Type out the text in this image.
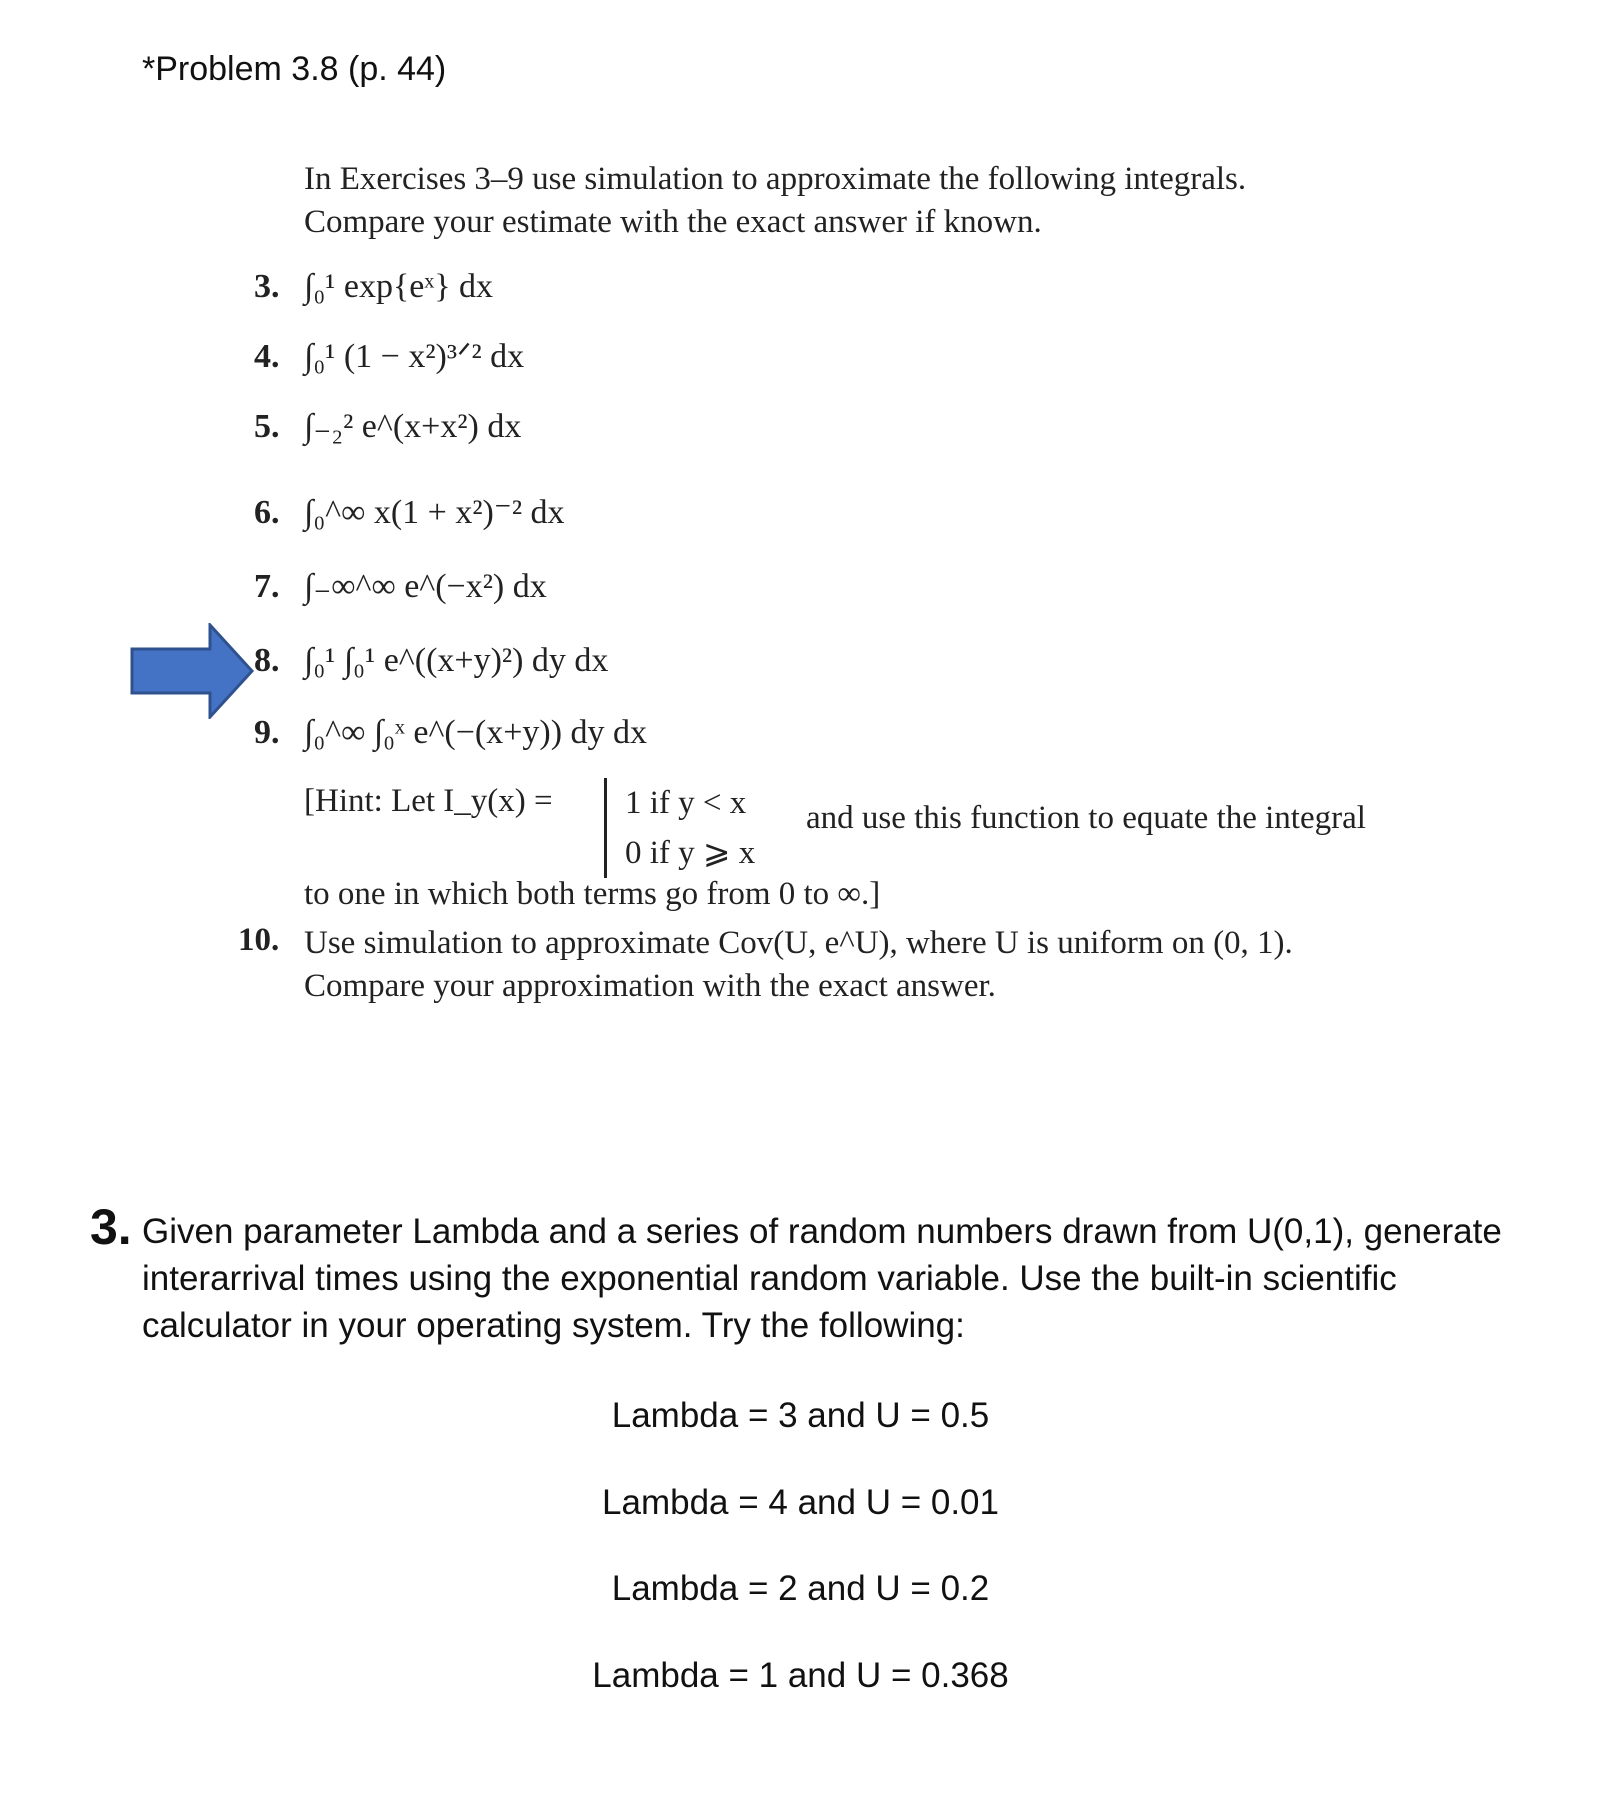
*Problem 3.8 (p. 44)
In Exercises 3–9 use simulation to approximate the following integrals.
Compare your estimate with the exact answer if known.
3. ∫₀¹ exp{eˣ} dx
4. ∫₀¹ (1 − x²)³ᐟ² dx
5. ∫₋₂² e^(x+x²) dx
6. ∫₀^∞ x(1 + x²)⁻² dx
7. ∫₋∞^∞ e^(−x²) dx
8. ∫₀¹ ∫₀¹ e^((x+y)²) dy dx
9. ∫₀^∞ ∫₀ˣ e^(−(x+y)) dy dx
[Hint: Let I_y(x) = 1 if y < x
0 if y ⩾ x
and use this function to equate the integral
to one in which both terms go from 0 to ∞.]
10. Use simulation to approximate Cov(U, e^U), where U is uniform on (0, 1).
Compare your approximation with the exact answer.
3. Given parameter Lambda and a series of random numbers drawn from U(0,1), generate interarrival times using the exponential random variable. Use the built-in scientific calculator in your operating system. Try the following:
Lambda = 3 and U = 0.5
Lambda = 4 and U = 0.01
Lambda = 2 and U = 0.2
Lambda = 1 and U = 0.368
